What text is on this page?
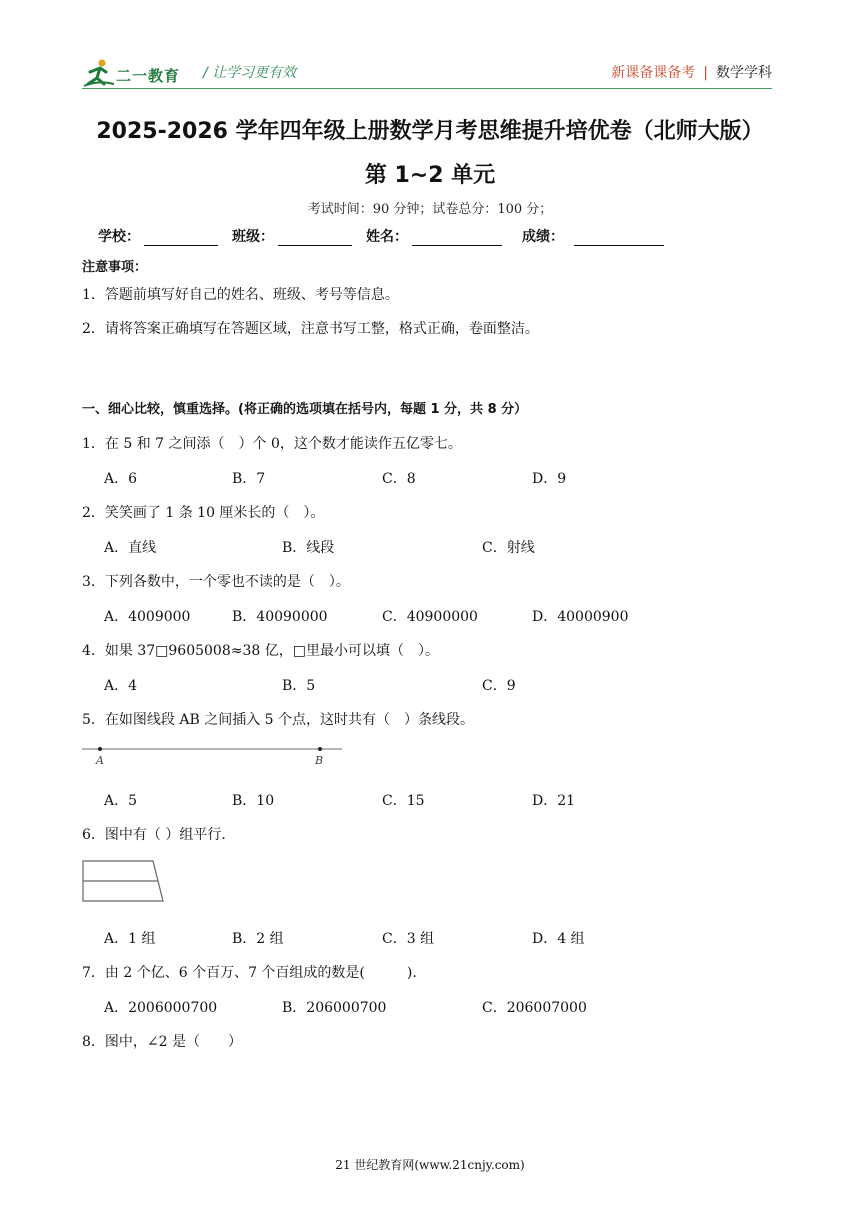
二一教育 / 让学习更有效	新课备课备考 | 数学学科
2025-2026 学年四年级上册数学月考思维提升培优卷（北师大版）
第 1~2 单元
考试时间：90 分钟；试卷总分：100 分；
学校：	班级：	姓名：	成绩：
注意事项：
1．答题前填写好自己的姓名、班级、考号等信息。
2．请将答案正确填写在答题区域，注意书写工整，格式正确，卷面整洁。
一、细心比较，慎重选择。(将正确的选项填在括号内，每题 1 分，共 8 分）
1．在 5 和 7 之间添（　）个 0，这个数才能读作五亿零七。
A．6	B．7	C．8	D．9
2．笑笑画了 1 条 10 厘米长的（　）。
A．直线	B．线段	C．射线
3．下列各数中，一个零也不读的是（　）。
A．4009000	B．40090000	C．40900000	D．40000900
4．如果 37□9605008≈38 亿，□里最小可以填（　）。
A．4	B．5	C．9
5．在如图线段 AB 之间插入 5 个点，这时共有（　）条线段。
A	B
A．5	B．10	C．15	D．21
6．图中有（ ）组平行.
A．1 组	B．2 组	C．3 组	D．4 组
7．由 2 个亿、6 个百万、7 个百组成的数是(　　　).
A．2006000700	B．206000700	C．206007000
8．图中，∠2 是（　　）
21 世纪教育网(www.21cnjy.com)
